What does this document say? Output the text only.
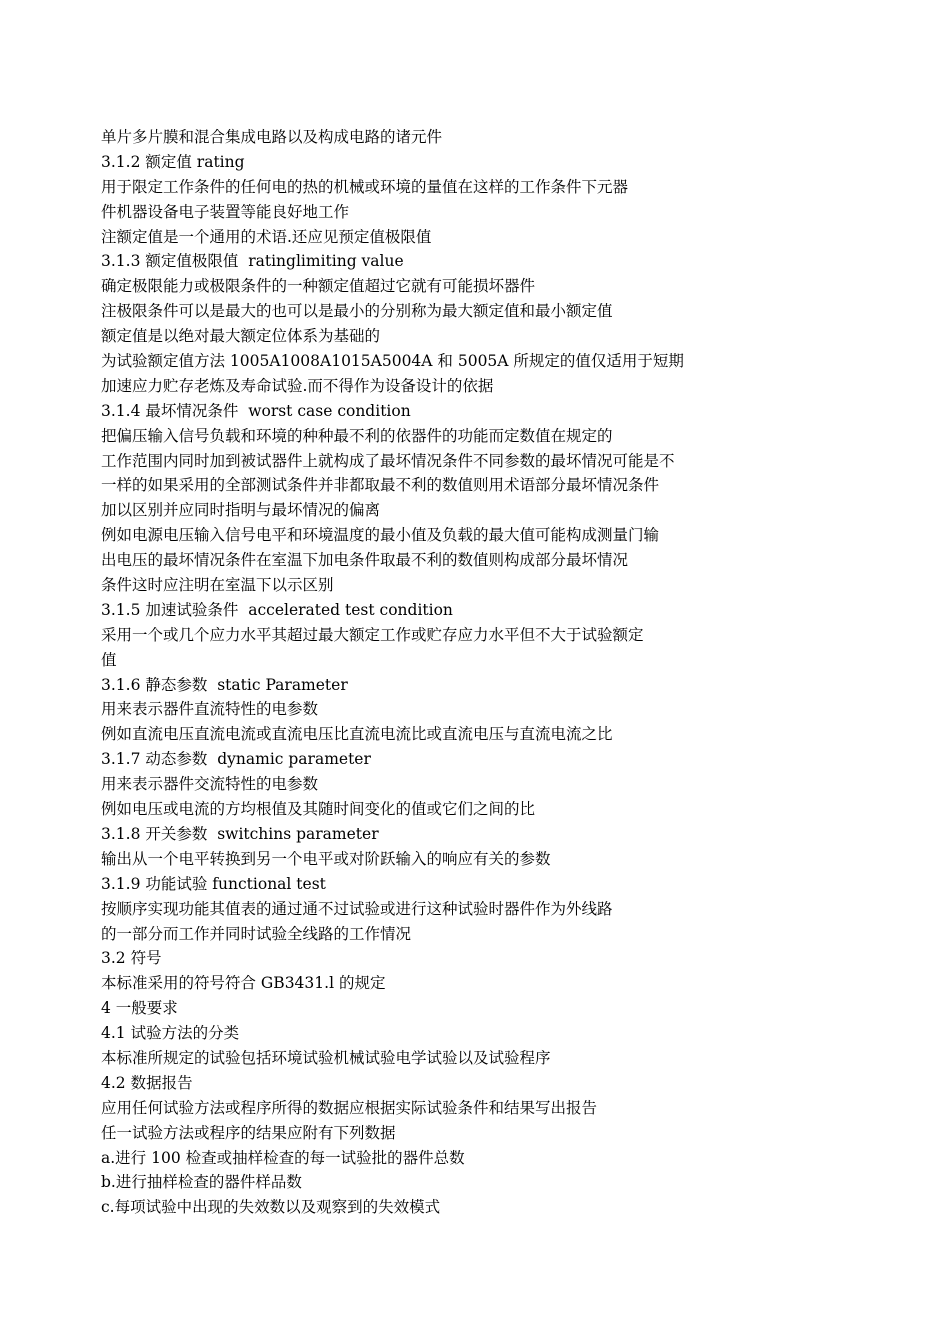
单片多片膜和混合集成电路以及构成电路的诸元件
3.1.2 额定值 rating
用于限定工作条件的任何电的热的机械或环境的量值在这样的工作条件下元器
件机器设备电子装置等能良好地工作
注额定值是一个通用的术语.还应见预定值极限值
3.1.3 额定值极限值  ratinglimiting value
确定极限能力或极限条件的一种额定值超过它就有可能损坏器件
注极限条件可以是最大的也可以是最小的分别称为最大额定值和最小额定值
额定值是以绝对最大额定位体系为基础的
为试验额定值方法 1005A1008A1015A5004A 和 5005A 所规定的值仅适用于短期
加速应力贮存老炼及寿命试验.而不得作为设备设计的依据
3.1.4 最坏情况条件  worst case condition
把偏压输入信号负载和环境的种种最不利的依器件的功能而定数值在规定的
工作范围内同时加到被试器件上就构成了最坏情况条件不同参数的最坏情况可能是不
一样的如果采用的全部测试条件并非都取最不利的数值则用术语部分最坏情况条件
加以区别并应同时指明与最坏情况的偏离
例如电源电压输入信号电平和环境温度的最小值及负载的最大值可能构成测量门输
出电压的最坏情况条件在室温下加电条件取最不利的数值则构成部分最坏情况
条件这时应注明在室温下以示区别
3.1.5 加速试验条件  accelerated test condition
采用一个或几个应力水平其超过最大额定工作或贮存应力水平但不大于试验额定
值
3.1.6 静态参数  static Parameter
用来表示器件直流特性的电参数
例如直流电压直流电流或直流电压比直流电流比或直流电压与直流电流之比
3.1.7 动态参数  dynamic parameter
用来表示器件交流特性的电参数
例如电压或电流的方均根值及其随时间变化的值或它们之间的比
3.1.8 开关参数  switchins parameter
输出从一个电平转换到另一个电平或对阶跃输入的响应有关的参数
3.1.9 功能试验 functional test
按顺序实现功能其值表的通过通不过试验或进行这种试验时器件作为外线路
的一部分而工作并同时试验全线路的工作情况
3.2 符号
本标准采用的符号符合 GB3431.l 的规定
4 一般要求
4.1 试验方法的分类
本标准所规定的试验包括环境试验机械试验电学试验以及试验程序
4.2 数据报告
应用任何试验方法或程序所得的数据应根据实际试验条件和结果写出报告
任一试验方法或程序的结果应附有下列数据
a.进行 100 检查或抽样检查的每一试验批的器件总数
b.进行抽样检查的器件样品数
c.每项试验中出现的失效数以及观察到的失效模式
